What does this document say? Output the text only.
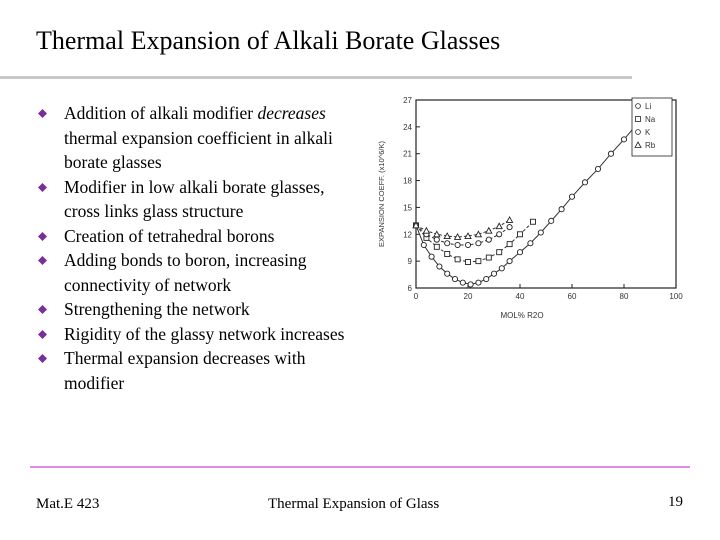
Thermal Expansion of Alkali Borate Glasses
Addition of alkali modifier decreases thermal expansion coefficient in alkali borate glasses
Modifier in low alkali borate glasses, cross links glass structure
Creation of tetrahedral borons
Adding bonds to boron, increasing connectivity of network
Strengthening the network
Rigidity of the glassy network increases
Thermal expansion decreases with modifier
0	20	40	60	80	100
6
9
12
15
18
21
24
27
EXPANSION COEFF. (x10^6/K)
MOL% R2O
Li
Na
K
Rb
Mat.E 423	Thermal Expansion of Glass	19
